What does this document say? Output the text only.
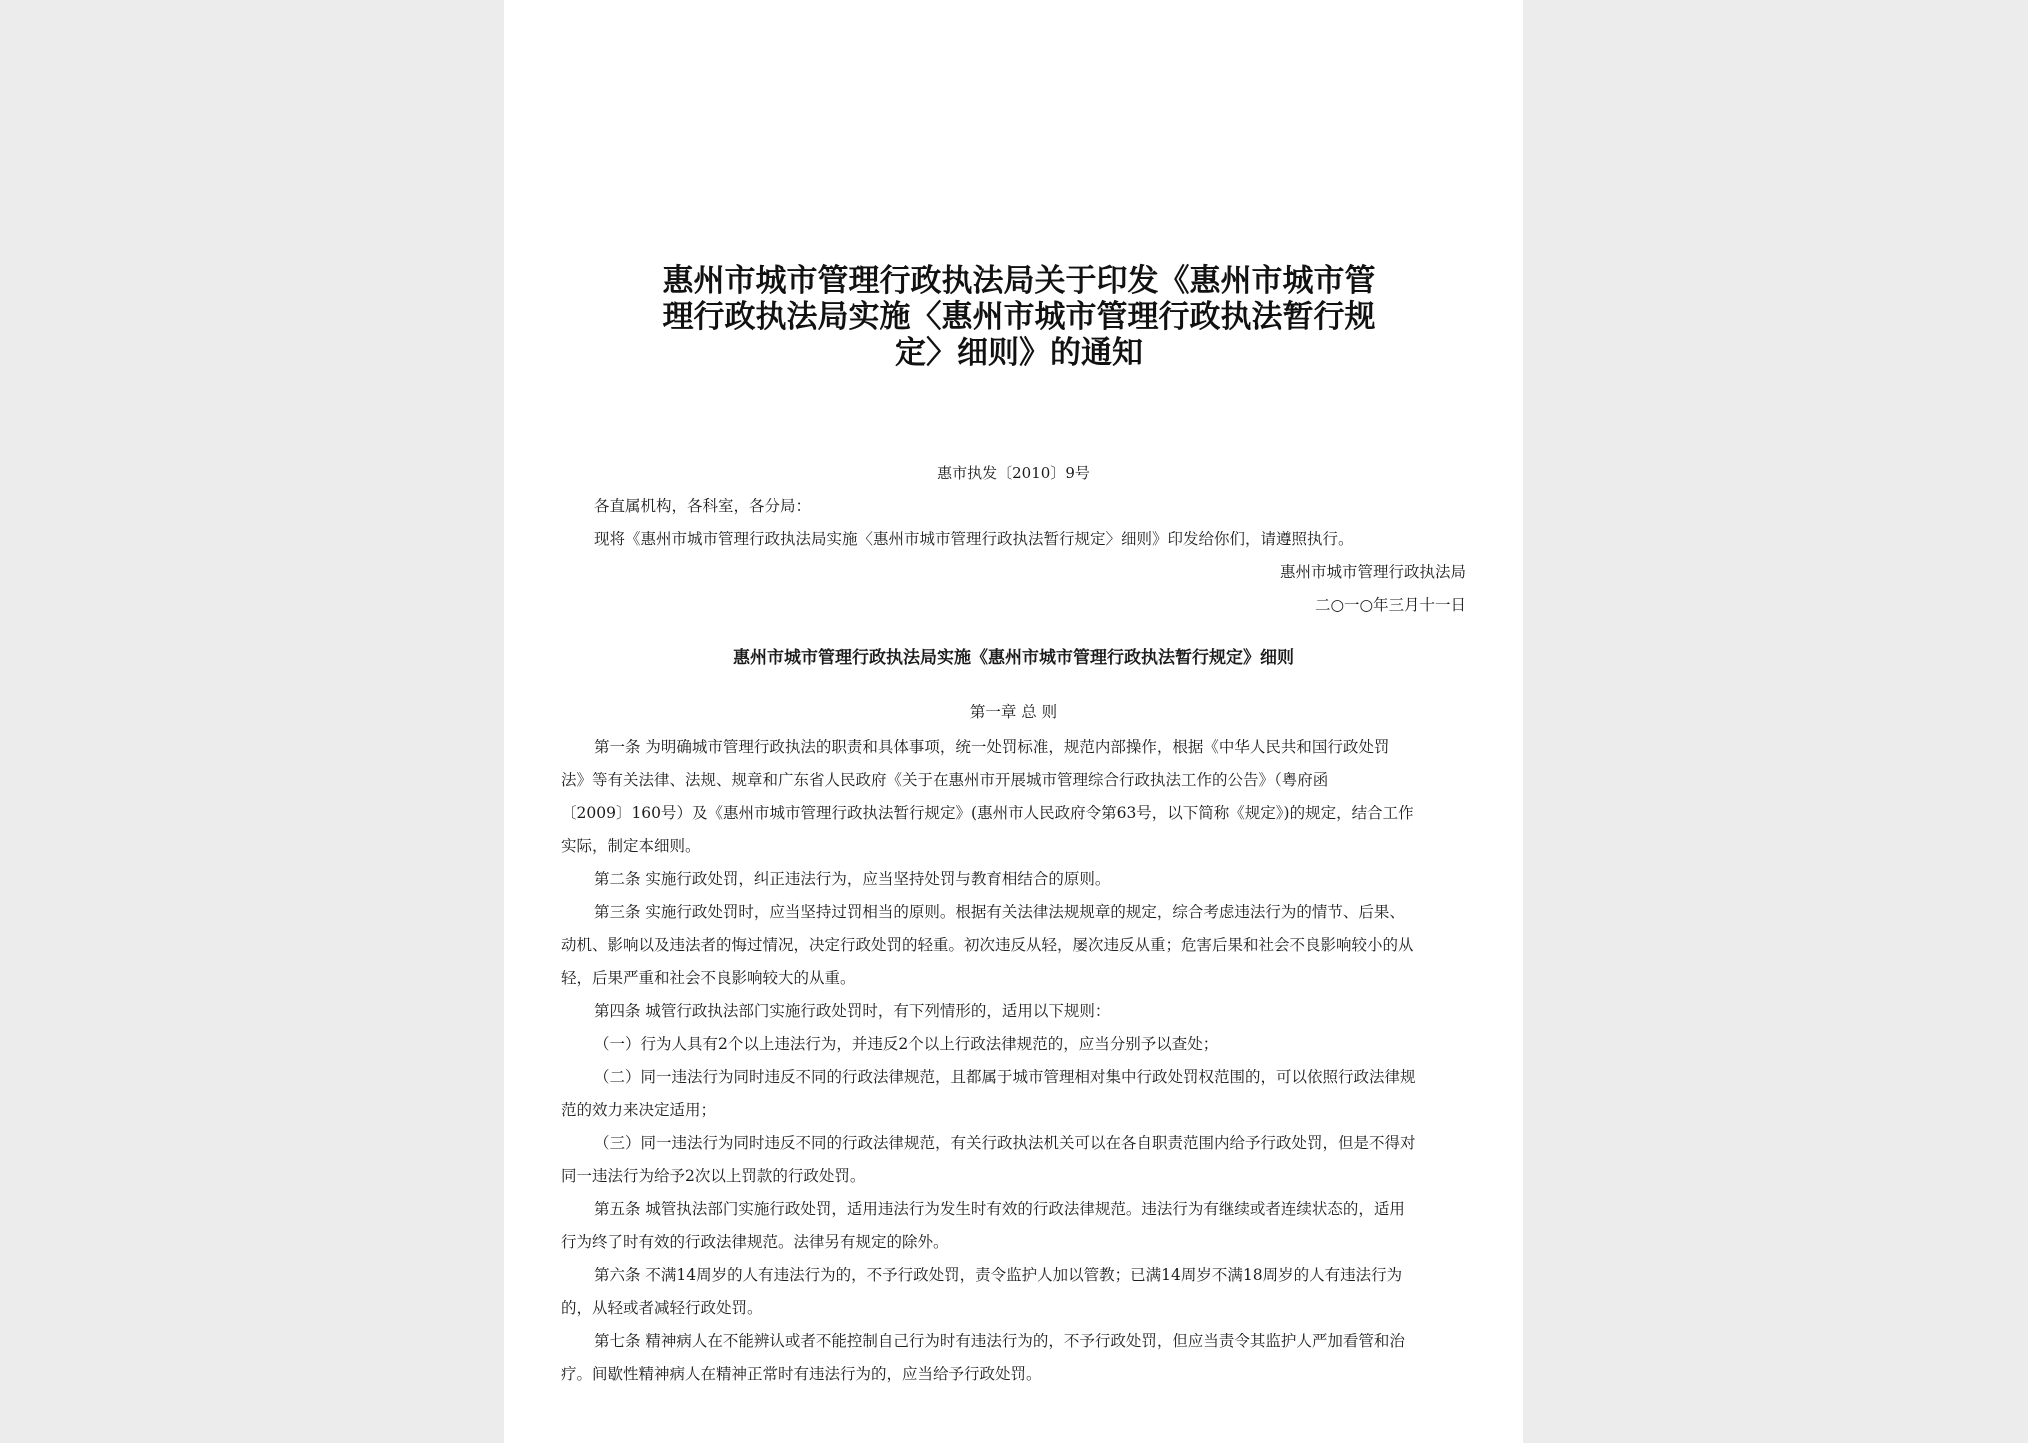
惠州市城市管理行政执法局关于印发《惠州市城市管
理行政执法局实施〈惠州市城市管理行政执法暂行规
定〉细则》的通知
惠市执发〔2010〕9号
各直属机构，各科室，各分局：
现将《惠州市城市管理行政执法局实施〈惠州市城市管理行政执法暂行规定〉细则》印发给你们，请遵照执行。
惠州市城市管理行政执法局
二○一○年三月十一日
惠州市城市管理行政执法局实施《惠州市城市管理行政执法暂行规定》细则
第一章 总 则
第一条 为明确城市管理行政执法的职责和具体事项，统一处罚标准，规范内部操作，根据《中华人民共和国行政处罚
法》等有关法律、法规、规章和广东省人民政府《关于在惠州市开展城市管理综合行政执法工作的公告》（粤府函
〔2009〕160号）及《惠州市城市管理行政执法暂行规定》(惠州市人民政府令第63号，以下简称《规定》)的规定，结合工作
实际，制定本细则。
第二条 实施行政处罚，纠正违法行为，应当坚持处罚与教育相结合的原则。
第三条 实施行政处罚时，应当坚持过罚相当的原则。根据有关法律法规规章的规定，综合考虑违法行为的情节、后果、
动机、影响以及违法者的悔过情况，决定行政处罚的轻重。初次违反从轻，屡次违反从重；危害后果和社会不良影响较小的从
轻，后果严重和社会不良影响较大的从重。
第四条 城管行政执法部门实施行政处罚时，有下列情形的，适用以下规则：
（一）行为人具有2个以上违法行为，并违反2个以上行政法律规范的，应当分别予以查处；
（二）同一违法行为同时违反不同的行政法律规范，且都属于城市管理相对集中行政处罚权范围的，可以依照行政法律规
范的效力来决定适用；
（三）同一违法行为同时违反不同的行政法律规范，有关行政执法机关可以在各自职责范围内给予行政处罚，但是不得对
同一违法行为给予2次以上罚款的行政处罚。
第五条 城管执法部门实施行政处罚，适用违法行为发生时有效的行政法律规范。违法行为有继续或者连续状态的，适用
行为终了时有效的行政法律规范。法律另有规定的除外。
第六条 不满14周岁的人有违法行为的，不予行政处罚，责令监护人加以管教；已满14周岁不满18周岁的人有违法行为
的，从轻或者减轻行政处罚。
第七条 精神病人在不能辨认或者不能控制自己行为时有违法行为的，不予行政处罚，但应当责令其监护人严加看管和治
疗。间歇性精神病人在精神正常时有违法行为的，应当给予行政处罚。
